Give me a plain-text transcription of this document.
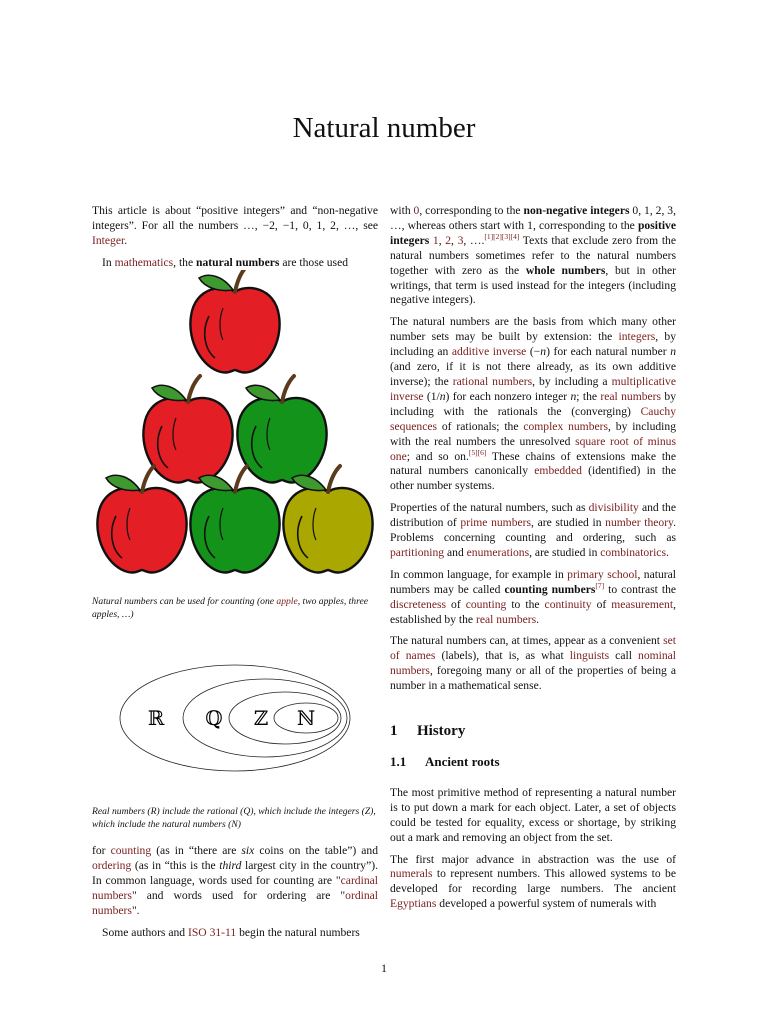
Natural number

This article is about “positive integers” and “non-negative integers”. For all the numbers …, −2, −1, 0, 1, 2, …, see Integer.

In mathematics, the natural numbers are those used

Natural numbers can be used for counting (one apple, two apples, three apples, …)
ℝ ℚ ℤ ℕ
Real numbers (R) include the rational (Q), which include the integers (Z), which include the natural numbers (N)

for counting (as in “there are six coins on the table”) and ordering (as in “this is the third largest city in the country”). In common language, words used for counting are "cardinal numbers" and words used for ordering are "ordinal numbers".

Some authors and ISO 31-11 begin the natural numbers

with 0, corresponding to the non-negative integers 0, 1, 2, 3, …, whereas others start with 1, corresponding to the positive integers 1, 2, 3, ….[1][2][3][4] Texts that exclude zero from the natural numbers sometimes refer to the natural numbers together with zero as the whole numbers, but in other writings, that term is used instead for the integers (including negative integers).

The natural numbers are the basis from which many other number sets may be built by extension: the integers, by including an additive inverse (−n) for each natural number n (and zero, if it is not there already, as its own additive inverse); the rational numbers, by including a multiplicative inverse (1/n) for each nonzero integer n; the real numbers by including with the rationals the (converging) Cauchy sequences of rationals; the complex numbers, by including with the real numbers the unresolved square root of minus one; and so on.[5][6] These chains of extensions make the natural numbers canonically embedded (identified) in the other number systems.

Properties of the natural numbers, such as divisibility and the distribution of prime numbers, are studied in number theory. Problems concerning counting and ordering, such as partitioning and enumerations, are studied in combinatorics.

In common language, for example in primary school, natural numbers may be called counting numbers[7] to contrast the discreteness of counting to the continuity of measurement, established by the real numbers.

The natural numbers can, at times, appear as a convenient set of names (labels), that is, as what linguists call nominal numbers, foregoing many or all of the properties of being a number in a mathematical sense.

1 History
1.1 Ancient roots

The most primitive method of representing a natural number is to put down a mark for each object. Later, a set of objects could be tested for equality, excess or shortage, by striking out a mark and removing an object from the set.

The first major advance in abstraction was the use of numerals to represent numbers. This allowed systems to be developed for recording large numbers. The ancient Egyptians developed a powerful system of numerals with

1
